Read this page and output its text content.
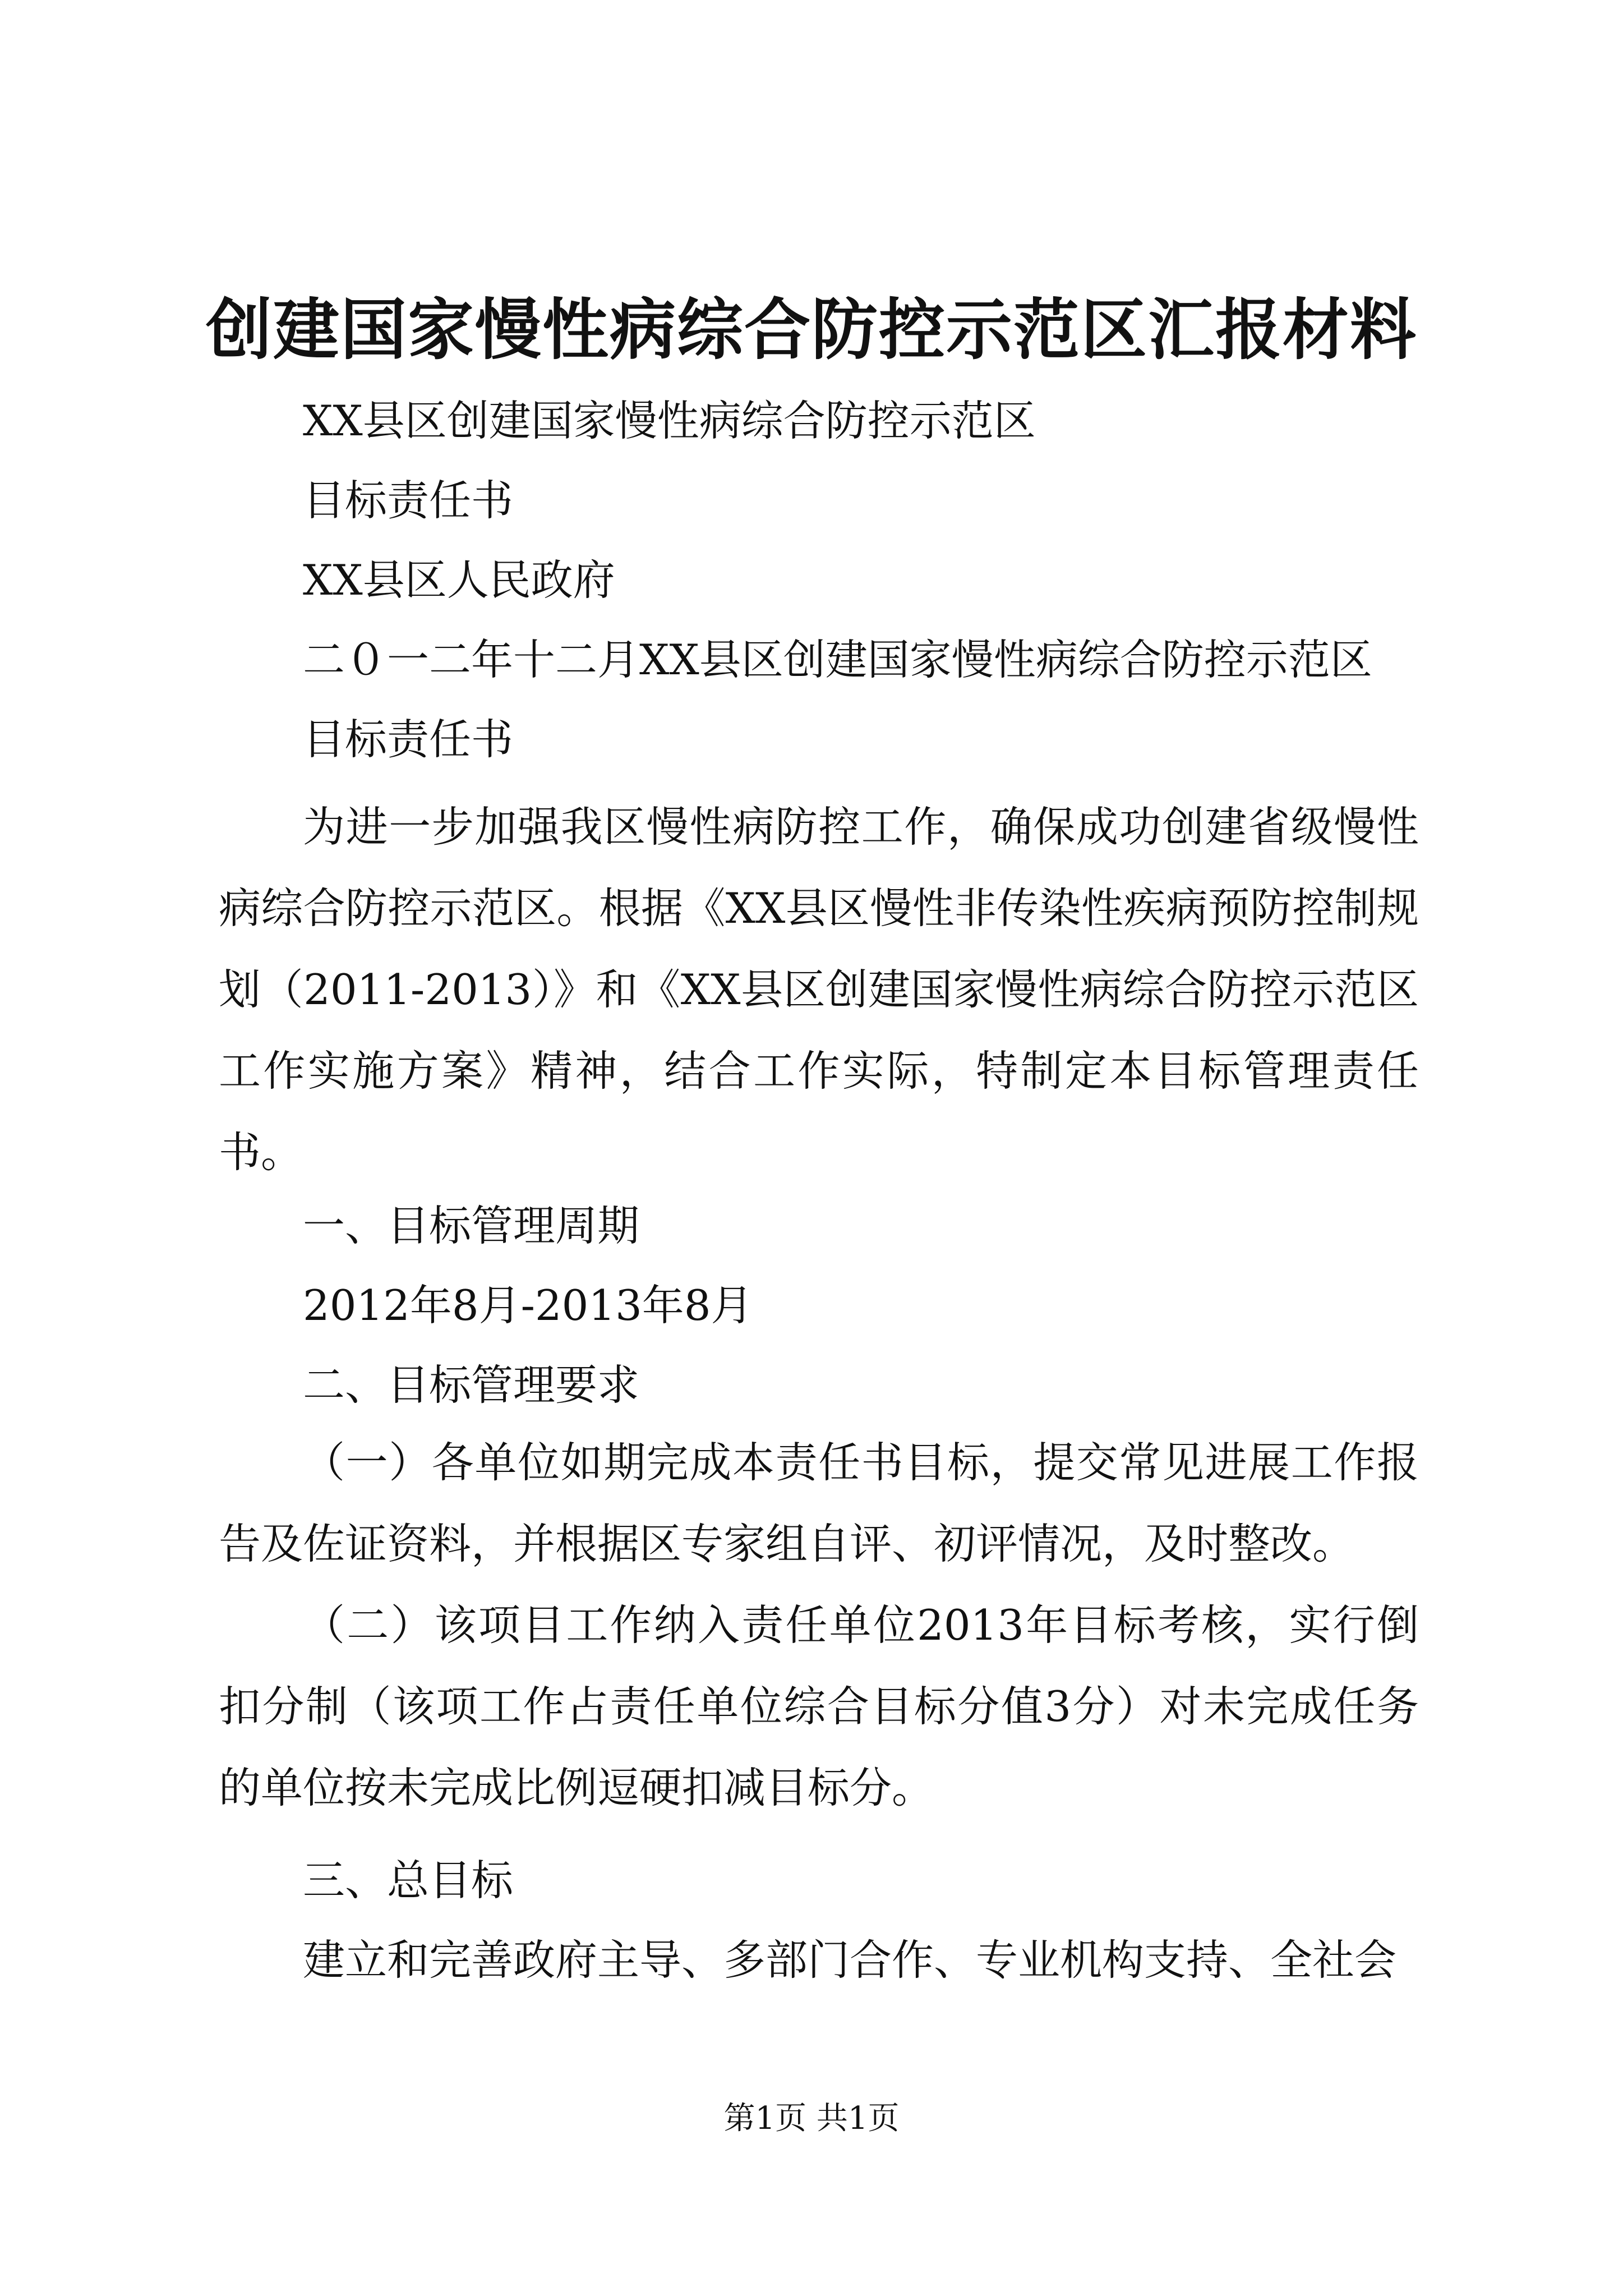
创建国家慢性病综合防控示范区汇报材料
XX县区创建国家慢性病综合防控示范区
目标责任书
XX县区人民政府
二０一二年十二月XX县区创建国家慢性病综合防控示范区
目标责任书

为进一步加强我区慢性病防控工作，确保成功创建省级慢性病综合防控示范区。根据《XX县区慢性非传染性疾病预防控制规划（2011-2013）》和《XX县区创建国家慢性病综合防控示范区工作实施方案》精神，结合工作实际，特制定本目标管理责任书。

一、目标管理周期
2012年8月-2013年8月
二、目标管理要求

（一）各单位如期完成本责任书目标，提交常见进展工作报告及佐证资料，并根据区专家组自评、初评情况，及时整改。

（二）该项目工作纳入责任单位2013年目标考核，实行倒扣分制（该项工作占责任单位综合目标分值3分）对未完成任务的单位按未完成比例逗硬扣减目标分。

三、总目标
建立和完善政府主导、多部门合作、专业机构支持、全社会
第1页 共1页
